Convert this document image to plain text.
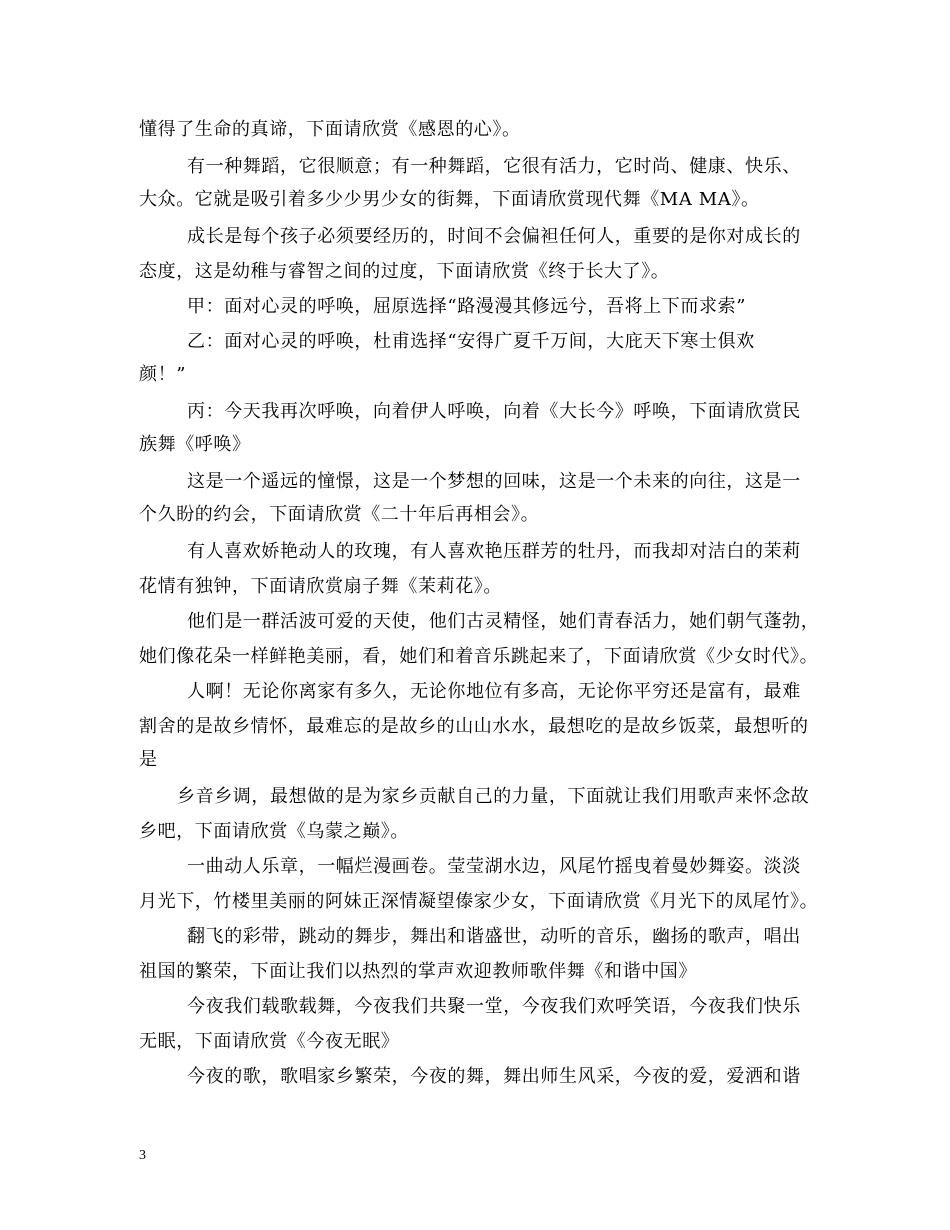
懂得了生命的真谛，下面请欣赏《感恩的心》。
有一种舞蹈，它很顺意；有一种舞蹈，它很有活力，它时尚、健康、快乐、
大众。它就是吸引着多少少男少女的街舞，下面请欣赏现代舞《MA MA》。
成长是每个孩子必须要经历的，时间不会偏袒任何人，重要的是你对成长的
态度，这是幼稚与睿智之间的过度，下面请欣赏《终于长大了》。
甲：面对心灵的呼唤，屈原选择“路漫漫其修远兮，吾将上下而求索”
乙：面对心灵的呼唤，杜甫选择“安得广夏千万间，大庇天下寒士俱欢
颜！”
丙：今天我再次呼唤，向着伊人呼唤，向着《大长今》呼唤，下面请欣赏民
族舞《呼唤》
这是一个遥远的憧憬，这是一个梦想的回味，这是一个未来的向往，这是一
个久盼的约会，下面请欣赏《二十年后再相会》。
有人喜欢娇艳动人的玫瑰，有人喜欢艳压群芳的牡丹，而我却对洁白的茉莉
花情有独钟，下面请欣赏扇子舞《茉莉花》。
他们是一群活波可爱的天使，他们古灵精怪，她们青春活力，她们朝气蓬勃，
她们像花朵一样鲜艳美丽，看，她们和着音乐跳起来了，下面请欣赏《少女时代》。
人啊！无论你离家有多久，无论你地位有多高，无论你平穷还是富有，最难
割舍的是故乡情怀，最难忘的是故乡的山山水水，最想吃的是故乡饭菜，最想听的
是
乡音乡调，最想做的是为家乡贡献自己的力量，下面就让我们用歌声来怀念故
乡吧，下面请欣赏《乌蒙之巅》。
一曲动人乐章，一幅烂漫画卷。莹莹湖水边，风尾竹摇曳着曼妙舞姿。淡淡
月光下，竹楼里美丽的阿妹正深情凝望傣家少女，下面请欣赏《月光下的凤尾竹》。
翻飞的彩带，跳动的舞步，舞出和谐盛世，动听的音乐，幽扬的歌声，唱出
祖国的繁荣，下面让我们以热烈的掌声欢迎教师歌伴舞《和谐中国》
今夜我们载歌载舞，今夜我们共聚一堂，今夜我们欢呼笑语，今夜我们快乐
无眠，下面请欣赏《今夜无眠》
今夜的歌，歌唱家乡繁荣，今夜的舞，舞出师生风采，今夜的爱，爱洒和谐
3
